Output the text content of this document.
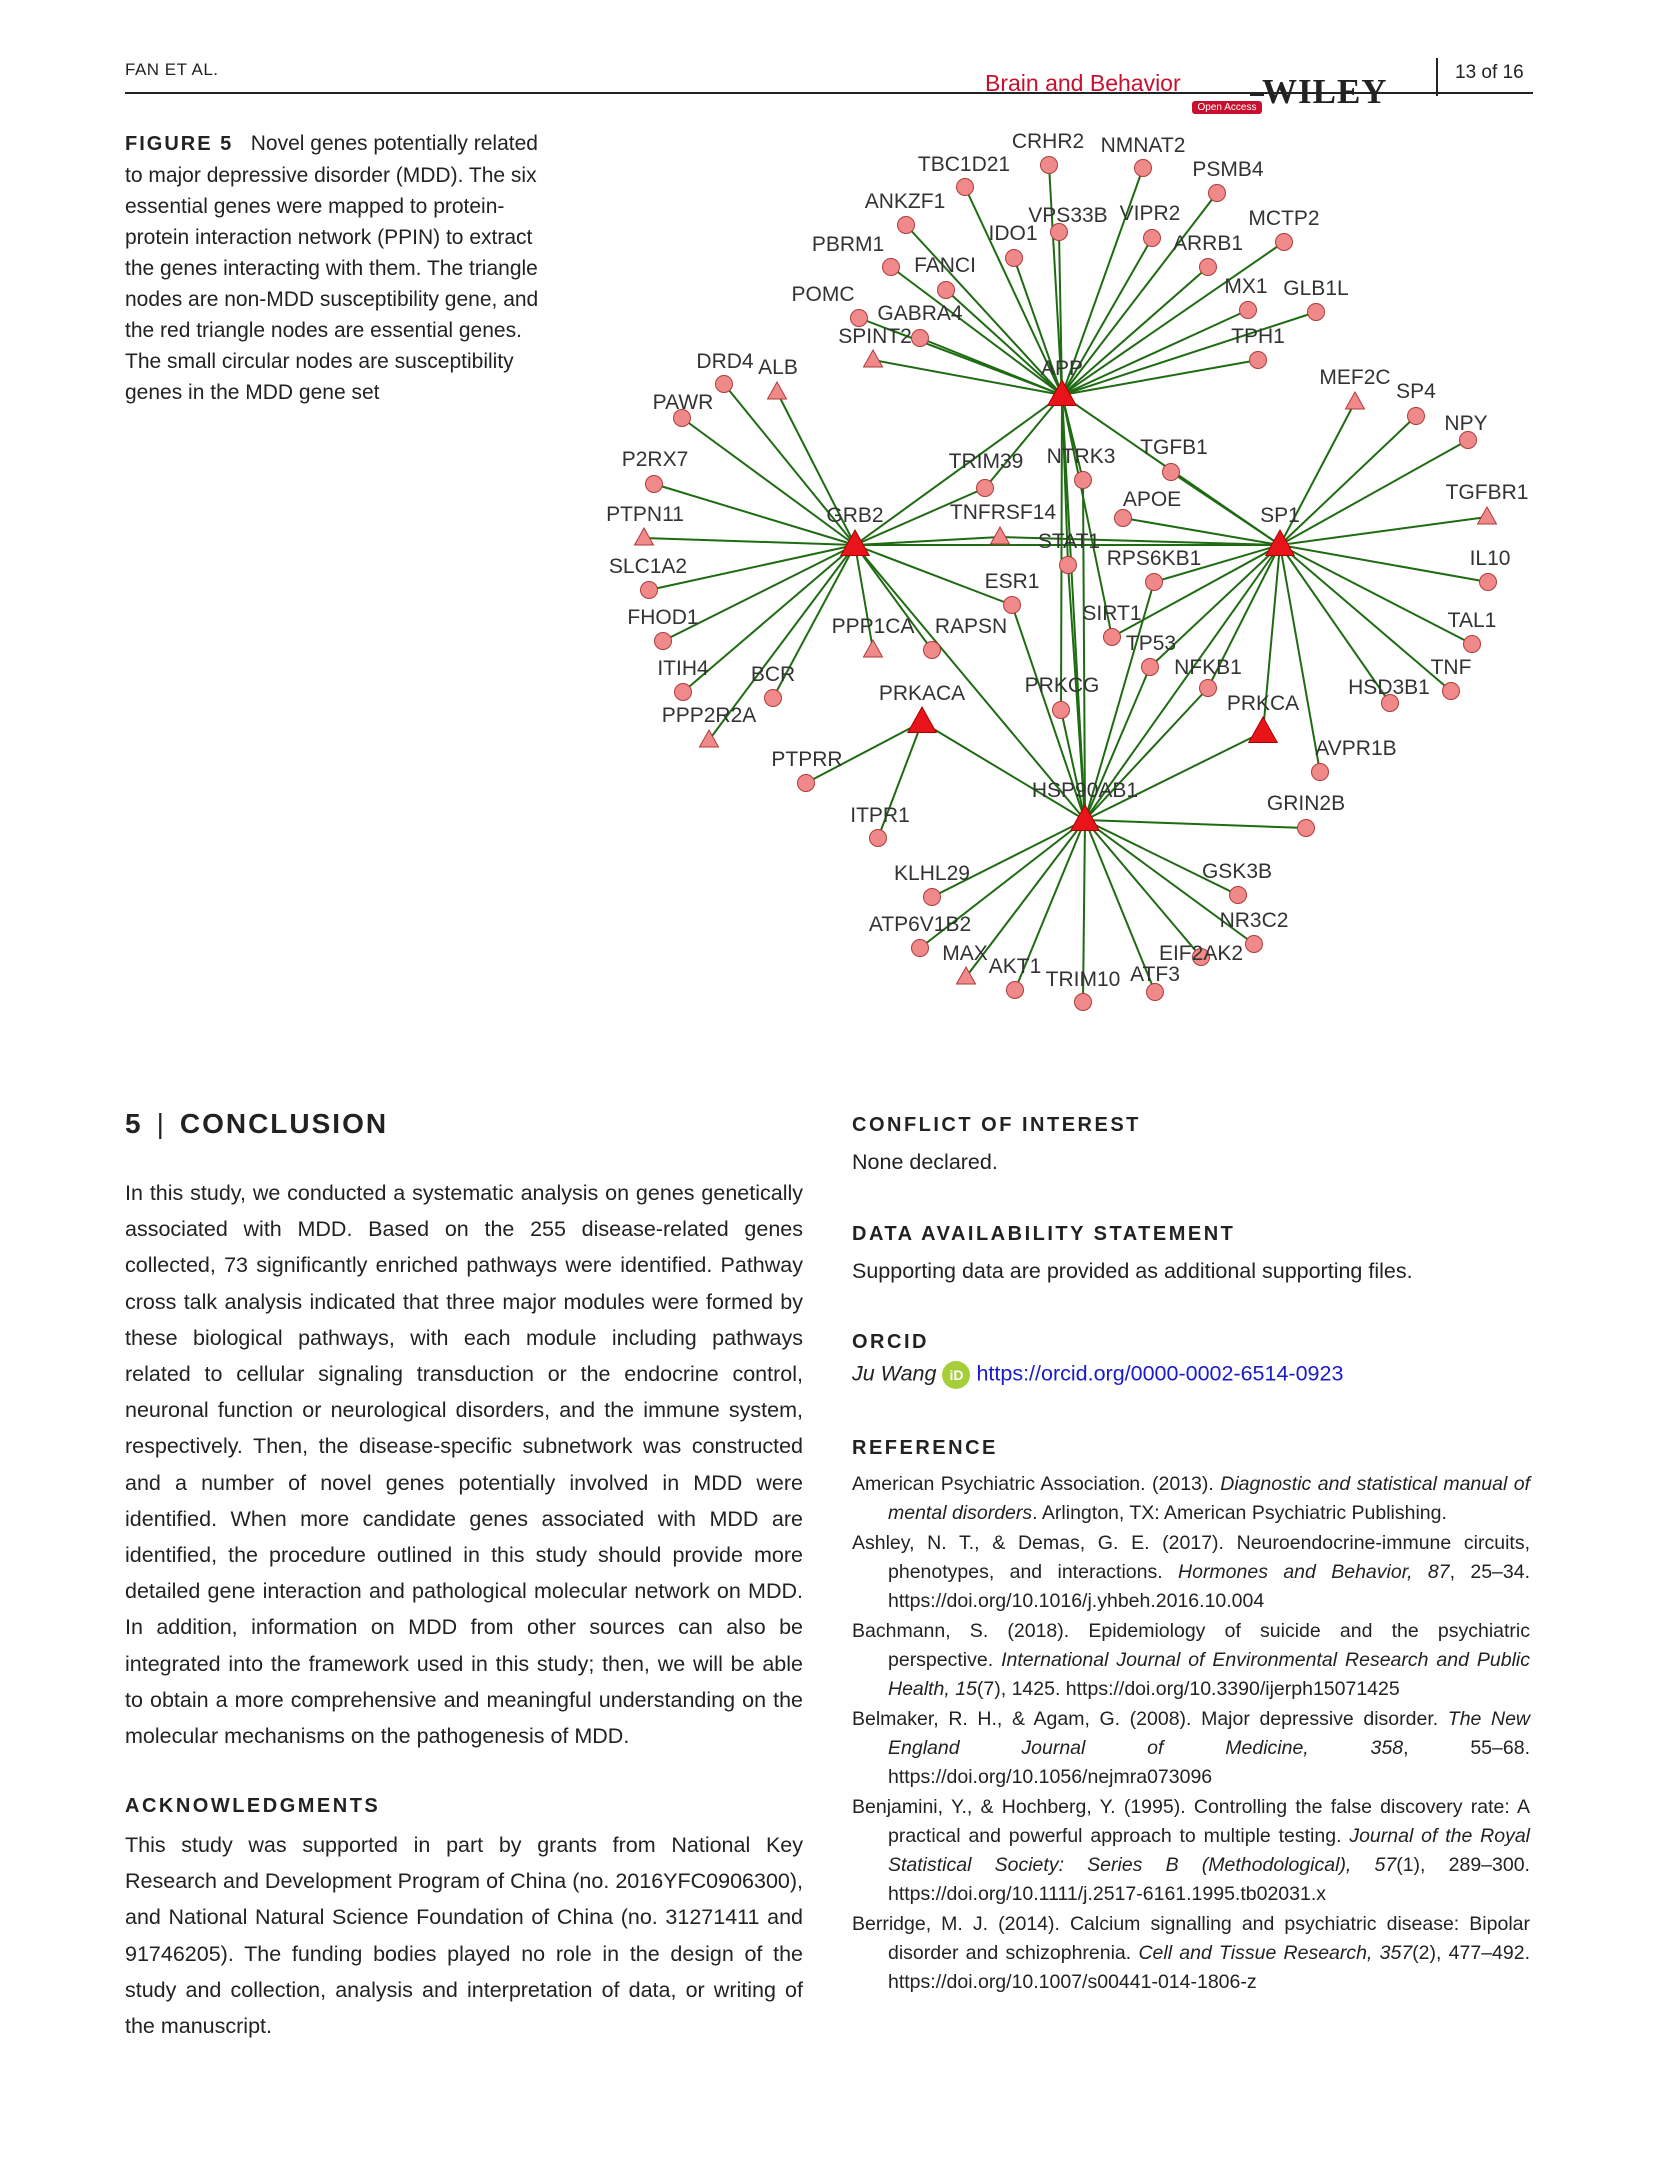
FAN ET AL.
Brain and Behavior
Open Access WILEY	13 of 16
FIGURE 5 Novel genes potentially related to major depressive disorder (MDD). The six essential genes were mapped to protein-protein interaction network (PPIN) to extract the genes interacting with them. The triangle nodes are non-MDD susceptibility gene, and the red triangle nodes are essential genes. The small circular nodes are susceptibility genes in the MDD gene set
CRHR2 NMNAT2
TBC1D21	PSMB4
ANKZF1
VPS33B VIPR2	MCTP2
IDO1
PBRM1	ARRB1
FANCI
MX1 GLB1L
POMC
GABRA4
TPH1
SPINT2
DRD4 ALB	MEF2C
SP4
PAWR
NPY
TGFB1
TRIM39 NTRK3
P2RX7
TGFBR1
APOE
TNFRSF14
PTPN11
STAT1
IL10
RPS6KB1
SLC1A2
ESR1
SIRT1	TAL1
FHOD1	PPP1CA RAPSN
TP53
ITIH4	NFKB1	TNF
BCR
HSD3B1
PRKCG
PPP2R2A
AVPR1B
PTPRR
GRIN2B
ITPR1
GSK3B
KLHL29
NR3C2
ATP6V1B2
EIF2AK2
MAX
AKT1	ATF3
TRIM10
APP
GRB2	SP1
HSP90AB1
PRKACA	PRKCA
5 | CONCLUSION
In this study, we conducted a systematic analysis on genes genetically associated with MDD. Based on the 255 disease-related genes collected, 73 significantly enriched pathways were identified. Pathway cross talk analysis indicated that three major modules were formed by these biological pathways, with each module including pathways related to cellular signaling transduction or the endocrine control, neuronal function or neurological disorders, and the immune system, respectively. Then, the disease-specific subnetwork was constructed and a number of novel genes potentially involved in MDD were identified. When more candidate genes associated with MDD are identified, the procedure outlined in this study should provide more detailed gene interaction and pathological molecular network on MDD. In addition, information on MDD from other sources can also be integrated into the framework used in this study; then, we will be able to obtain a more comprehensive and meaningful understanding on the molecular mechanisms on the pathogenesis of MDD.
ACKNOWLEDGMENTS
This study was supported in part by grants from National Key Research and Development Program of China (no. 2016YFC0906300), and National Natural Science Foundation of China (no. 31271411 and 91746205). The funding bodies played no role in the design of the study and collection, analysis and interpretation of data, or writing of the manuscript.
CONFLICT OF INTEREST
None declared.
DATA AVAILABILITY STATEMENT
Supporting data are provided as additional supporting files.
ORCID
Ju Wang iD https://orcid.org/0000-0002-6514-0923
REFERENCE
American Psychiatric Association. (2013). Diagnostic and statistical manual of mental disorders. Arlington, TX: American Psychiatric Publishing.
Ashley, N. T., & Demas, G. E. (2017). Neuroendocrine-immune circuits, phenotypes, and interactions. Hormones and Behavior, 87, 25–34. https://doi.org/10.1016/j.yhbeh.2016.10.004
Bachmann, S. (2018). Epidemiology of suicide and the psychiatric perspective. International Journal of Environmental Research and Public Health, 15(7), 1425. https://doi.org/10.3390/ijerph15071425
Belmaker, R. H., & Agam, G. (2008). Major depressive disorder. The New England Journal of Medicine, 358, 55–68. https://doi.org/10.1056/nejmra073096
Benjamini, Y., & Hochberg, Y. (1995). Controlling the false discovery rate: A practical and powerful approach to multiple testing. Journal of the Royal Statistical Society: Series B (Methodological), 57(1), 289–300. https://doi.org/10.1111/j.2517-6161.1995.tb02031.x
Berridge, M. J. (2014). Calcium signalling and psychiatric disease: Bipolar disorder and schizophrenia. Cell and Tissue Research, 357(2), 477–492. https://doi.org/10.1007/s00441-014-1806-z
